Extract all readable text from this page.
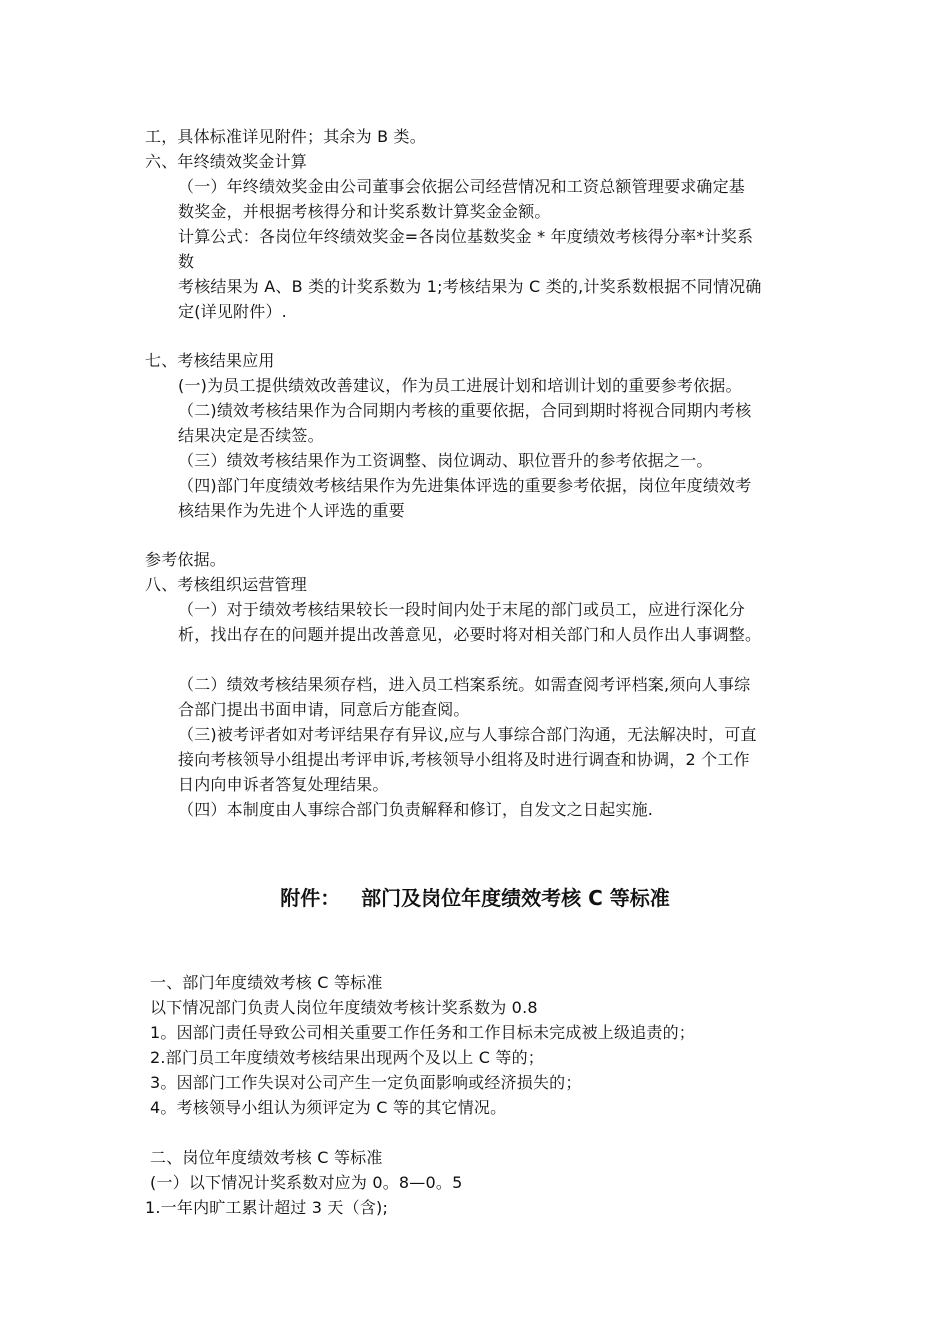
工，具体标准详见附件；其余为 B 类。
六、年终绩效奖金计算
（一）年终绩效奖金由公司董事会依据公司经营情况和工资总额管理要求确定基
数奖金，并根据考核得分和计奖系数计算奖金金额。
计算公式：各岗位年终绩效奖金=各岗位基数奖金 * 年度绩效考核得分率*计奖系
数
考核结果为 A、B 类的计奖系数为 1;考核结果为 C 类的,计奖系数根据不同情况确
定(详见附件）.
七、考核结果应用
(一)为员工提供绩效改善建议，作为员工进展计划和培训计划的重要参考依据。
（二)绩效考核结果作为合同期内考核的重要依据，合同到期时将视合同期内考核
结果决定是否续签。
（三）绩效考核结果作为工资调整、岗位调动、职位晋升的参考依据之一。
（四)部门年度绩效考核结果作为先进集体评选的重要参考依据，岗位年度绩效考
核结果作为先进个人评选的重要
参考依据。
八、考核组织运营管理
（一）对于绩效考核结果较长一段时间内处于末尾的部门或员工，应进行深化分
析，找出存在的问题并提出改善意见，必要时将对相关部门和人员作出人事调整。
（二）绩效考核结果须存档，进入员工档案系统。如需查阅考评档案,须向人事综
合部门提出书面申请，同意后方能查阅。
（三)被考评者如对考评结果存有异议,应与人事综合部门沟通，无法解决时，可直
接向考核领导小组提出考评申诉,考核领导小组将及时进行调查和协调，2 个工作
日内向申诉者答复处理结果。
（四）本制度由人事综合部门负责解释和修订，自发文之日起实施.
附件：   部门及岗位年度绩效考核 C 等标准
一、部门年度绩效考核 C 等标准
以下情况部门负责人岗位年度绩效考核计奖系数为 0.8
1。因部门责任导致公司相关重要工作任务和工作目标未完成被上级追责的；
2.部门员工年度绩效考核结果出现两个及以上 C 等的；
3。因部门工作失误对公司产生一定负面影响或经济损失的；
4。考核领导小组认为须评定为 C 等的其它情况。
二、岗位年度绩效考核 C 等标准
(一）以下情况计奖系数对应为 0。8—0。5
1.一年内旷工累计超过 3 天（含);
